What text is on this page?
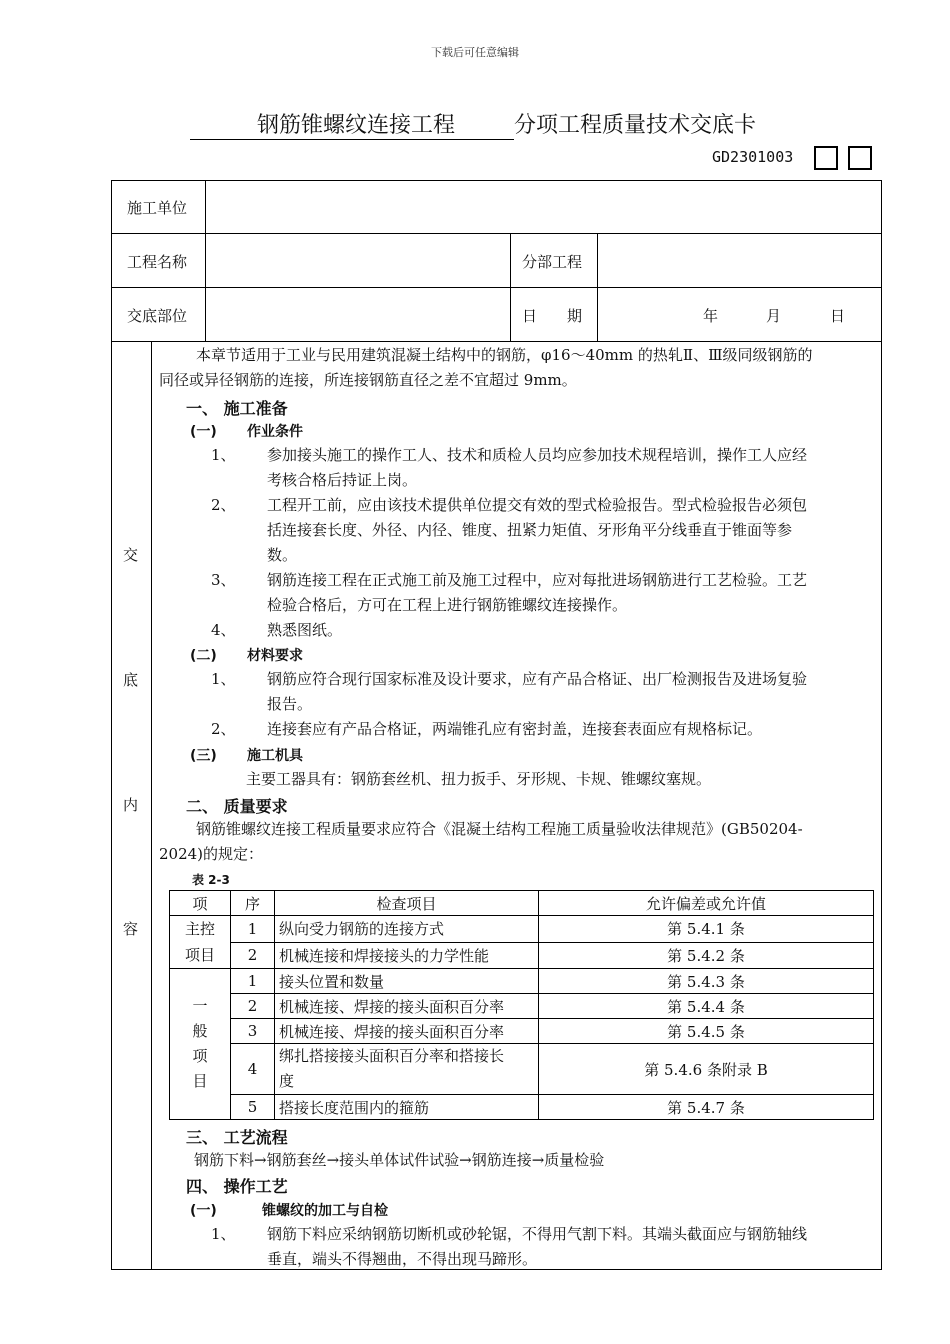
下载后可任意编辑
钢筋锥螺纹连接工程	分项工程质量技术交底卡
GD2301003
施工单位
工程名称	分部工程
交底部位	日　　期	年	月	日
交
底
内
容
本章节适用于工业与民用建筑混凝土结构中的钢筋，φ16～40mm 的热轧Ⅱ、Ⅲ级同级钢筋的
同径或异径钢筋的连接，所连接钢筋直径之差不宜超过 9mm。
一、 施工准备
(一) 作业条件
1、 参加接头施工的操作工人、技术和质检人员均应参加技术规程培训，操作工人应经
考核合格后持证上岗。
2、 工程开工前，应由该技术提供单位提交有效的型式检验报告。型式检验报告必须包
括连接套长度、外径、内径、锥度、扭紧力矩值、牙形角平分线垂直于锥面等参
数。
3、 钢筋连接工程在正式施工前及施工过程中，应对每批进场钢筋进行工艺检验。工艺
检验合格后，方可在工程上进行钢筋锥螺纹连接操作。
4、 熟悉图纸。
(二) 材料要求
1、 钢筋应符合现行国家标准及设计要求，应有产品合格证、出厂检测报告及进场复验
报告。
2、 连接套应有产品合格证，两端锥孔应有密封盖，连接套表面应有规格标记。
(三) 施工机具
主要工器具有：钢筋套丝机、扭力扳手、牙形规、卡规、锥螺纹塞规。
二、 质量要求
钢筋锥螺纹连接工程质量要求应符合《混凝土结构工程施工质量验收法律规范》(GB50204-
2024)的规定：
表 2-3
项	序	检查项目	允许偏差或允许值

主控
项目	1	纵向受力钢筋的连接方式	第 5.4.1 条
	2	机械连接和焊接接头的力学性能	第 5.4.2 条

一
般
项
目	1	接头位置和数量	第 5.4.3 条
	2	机械连接、焊接的接头面积百分率	第 5.4.4 条
	3	机械连接、焊接的接头面积百分率	第 5.4.5 条
	4	绑扎搭接接头面积百分率和搭接长
度	第 5.4.6 条附录 B
	5	搭接长度范围内的箍筋	第 5.4.7 条
三、 工艺流程
钢筋下料→钢筋套丝→接头单体试件试验→钢筋连接→质量检验
四、 操作工艺
(一)	锥螺纹的加工与自检
1、 钢筋下料应采纳钢筋切断机或砂轮锯，不得用气割下料。其端头截面应与钢筋轴线
垂直，端头不得翘曲，不得出现马蹄形。
